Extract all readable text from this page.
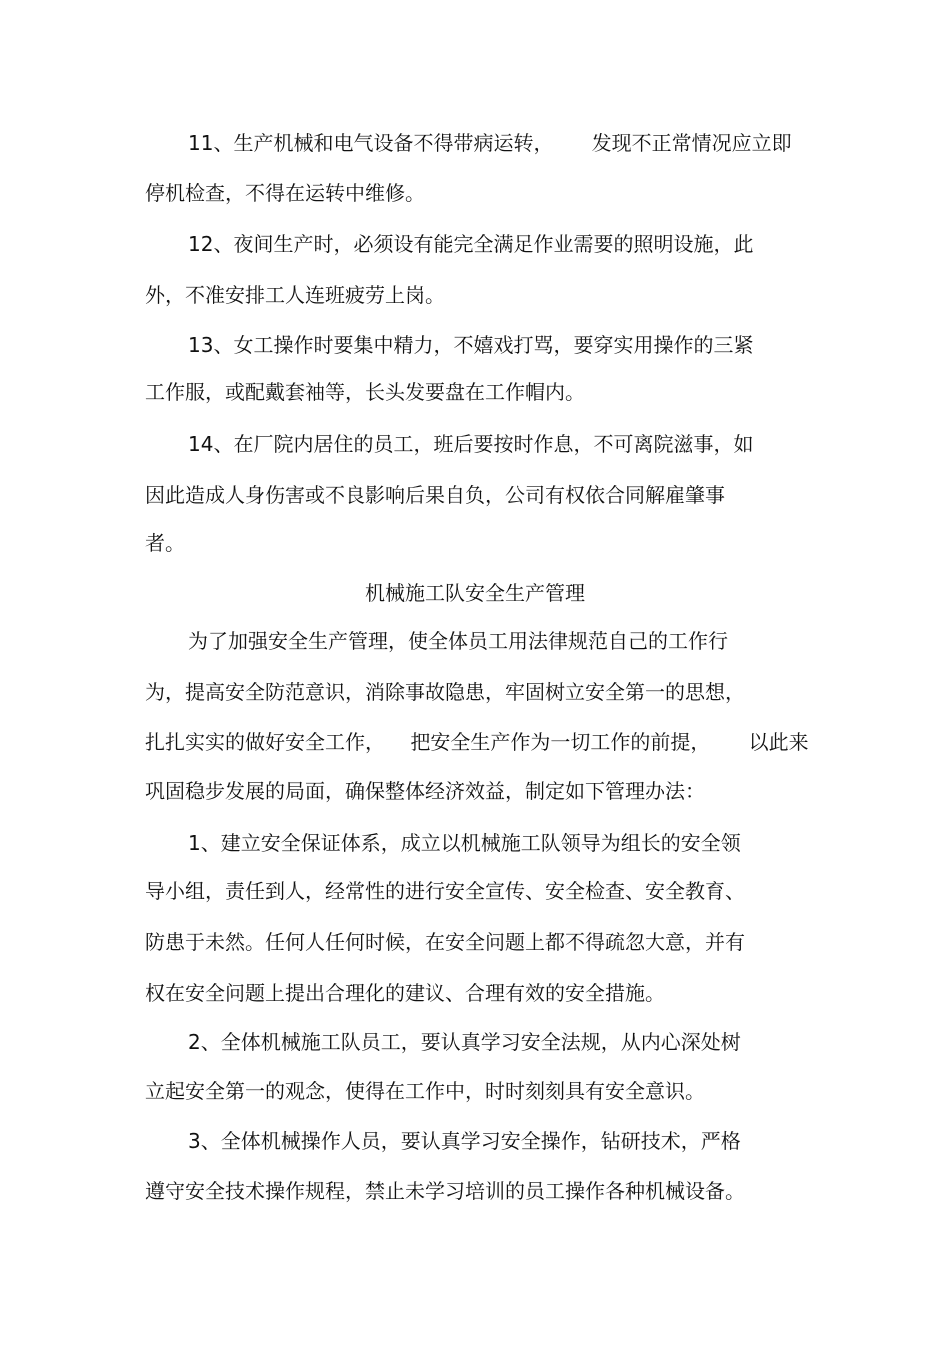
11、生产机械和电气设备不得带病运转，      发现不正常情况应立即
停机检查，不得在运转中维修。
12、夜间生产时，必须设有能完全满足作业需要的照明设施，此
外，不准安排工人连班疲劳上岗。
13、女工操作时要集中精力，不嬉戏打骂，要穿实用操作的三紧
工作服，或配戴套袖等，长头发要盘在工作帽内。
14、在厂院内居住的员工，班后要按时作息，不可离院滋事，如
因此造成人身伤害或不良影响后果自负，公司有权依合同解雇肇事
者。
机械施工队安全生产管理
为了加强安全生产管理，使全体员工用法律规范自己的工作行
为，提高安全防范意识，消除事故隐患，牢固树立安全第一的思想，
扎扎实实的做好安全工作，    把安全生产作为一切工作的前提，      以此来
巩固稳步发展的局面，确保整体经济效益，制定如下管理办法：
1、建立安全保证体系，成立以机械施工队领导为组长的安全领
导小组，责任到人，经常性的进行安全宣传、安全检查、安全教育、
防患于未然。任何人任何时候，在安全问题上都不得疏忽大意，并有
权在安全问题上提出合理化的建议、合理有效的安全措施。
2、全体机械施工队员工，要认真学习安全法规，从内心深处树
立起安全第一的观念，使得在工作中，时时刻刻具有安全意识。
3、全体机械操作人员，要认真学习安全操作，钻研技术，严格
遵守安全技术操作规程，禁止未学习培训的员工操作各种机械设备。
